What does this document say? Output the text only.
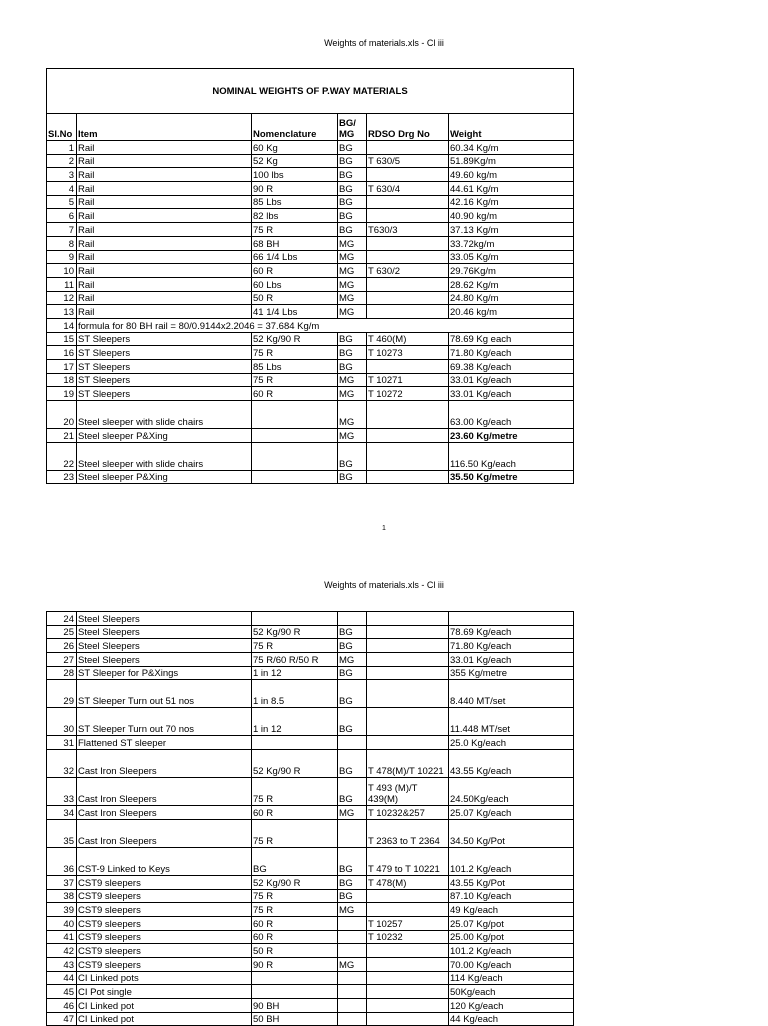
Weights of materials.xls - Cl iii
NOMINAL WEIGHTS OF P.WAY MATERIALS					
Sl.No	Item	Nomenclature	BG/ MG	RDSO Drg No	Weight
1	Rail	60 Kg	BG		60.34 Kg/m
2	Rail	52 Kg	BG	T 630/5	51.89Kg/m
3	Rail	100 lbs	BG		49.60 kg/m
4	Rail	90 R	BG	T 630/4	44.61 Kg/m
5	Rail	85 Lbs	BG		42.16 Kg/m
6	Rail	82 lbs	BG		40.90 kg/m
7	Rail	75 R	BG	T630/3	37.13 Kg/m
8	Rail	68 BH	MG		33.72kg/m
9	Rail	66 1/4 Lbs	MG		33.05 Kg/m
10	Rail	60 R	MG	T 630/2	29.76Kg/m
11	Rail	60 Lbs	MG		28.62 Kg/m
12	Rail	50 R	MG		24.80 Kg/m
13	Rail	41 1/4 Lbs	MG		20.46 kg/m
14	formula for 80 BH rail = 80/0.9144x2.2046 = 37.684 Kg/m				
15	ST Sleepers	52 Kg/90 R	BG	T 460(M)	78.69 Kg each
16	ST Sleepers	75 R	BG	T 10273	71.80 Kg/each
17	ST Sleepers	85 Lbs	BG		69.38 Kg/each
18	ST Sleepers	75 R	MG	T 10271	33.01 Kg/each
19	ST Sleepers	60 R	MG	T 10272	33.01 Kg/each
20	Steel sleeper with slide chairs		MG		63.00 Kg/each
21	Steel sleeper P&Xing		MG		23.60 Kg/metre
22	Steel sleeper with slide chairs		BG		116.50 Kg/each
23	Steel sleeper P&Xing		BG		35.50 Kg/metre
1
Weights of materials.xls - Cl iii
24	Steel Sleepers				
25	Steel Sleepers	52 Kg/90 R	BG		78.69 Kg/each
26	Steel Sleepers	75 R	BG		71.80 Kg/each
27	Steel Sleepers	75 R/60 R/50 R	MG		33.01 Kg/each
28	ST Sleeper for P&Xings	1 in 12	BG		355 Kg/metre
29	ST Sleeper Turn out 51 nos	1 in 8.5	BG		8.440 MT/set
30	ST Sleeper Turn out 70 nos	1 in 12	BG		11.448 MT/set
31	Flattened ST sleeper				25.0 Kg/each
32	Cast Iron Sleepers	52 Kg/90 R	BG	T 478(M)/T 10221	43.55 Kg/each
33	Cast Iron Sleepers	75 R	BG	T 493 (M)/T 439(M)	24.50Kg/each
34	Cast Iron Sleepers	60 R	MG	T 10232&257	25.07 Kg/each
35	Cast Iron Sleepers	75 R		T 2363 to T 2364	34.50 Kg/Pot
36	CST-9 Linked to Keys	BG	BG	T 479 to T 10221	101.2 Kg/each
37	CST9 sleepers	52 Kg/90 R	BG	T 478(M)	43.55 Kg/Pot
38	CST9 sleepers	75 R	BG		87.10 Kg/each
39	CST9 sleepers	75 R	MG		49 Kg/each
40	CST9 sleepers	60 R		T 10257	25.07 Kg/pot
41	CST9 sleepers	60 R		T 10232	25.00 Kg/pot
42	CST9 sleepers	50 R			101.2 Kg/each
43	CST9 sleepers	90 R	MG		70.00 Kg/each
44	CI Linked pots				114 Kg/each
45	CI Pot single				50Kg/each
46	CI Linked pot	90 BH			120 Kg/each
47	CI Linked pot	50 BH			44 Kg/each
